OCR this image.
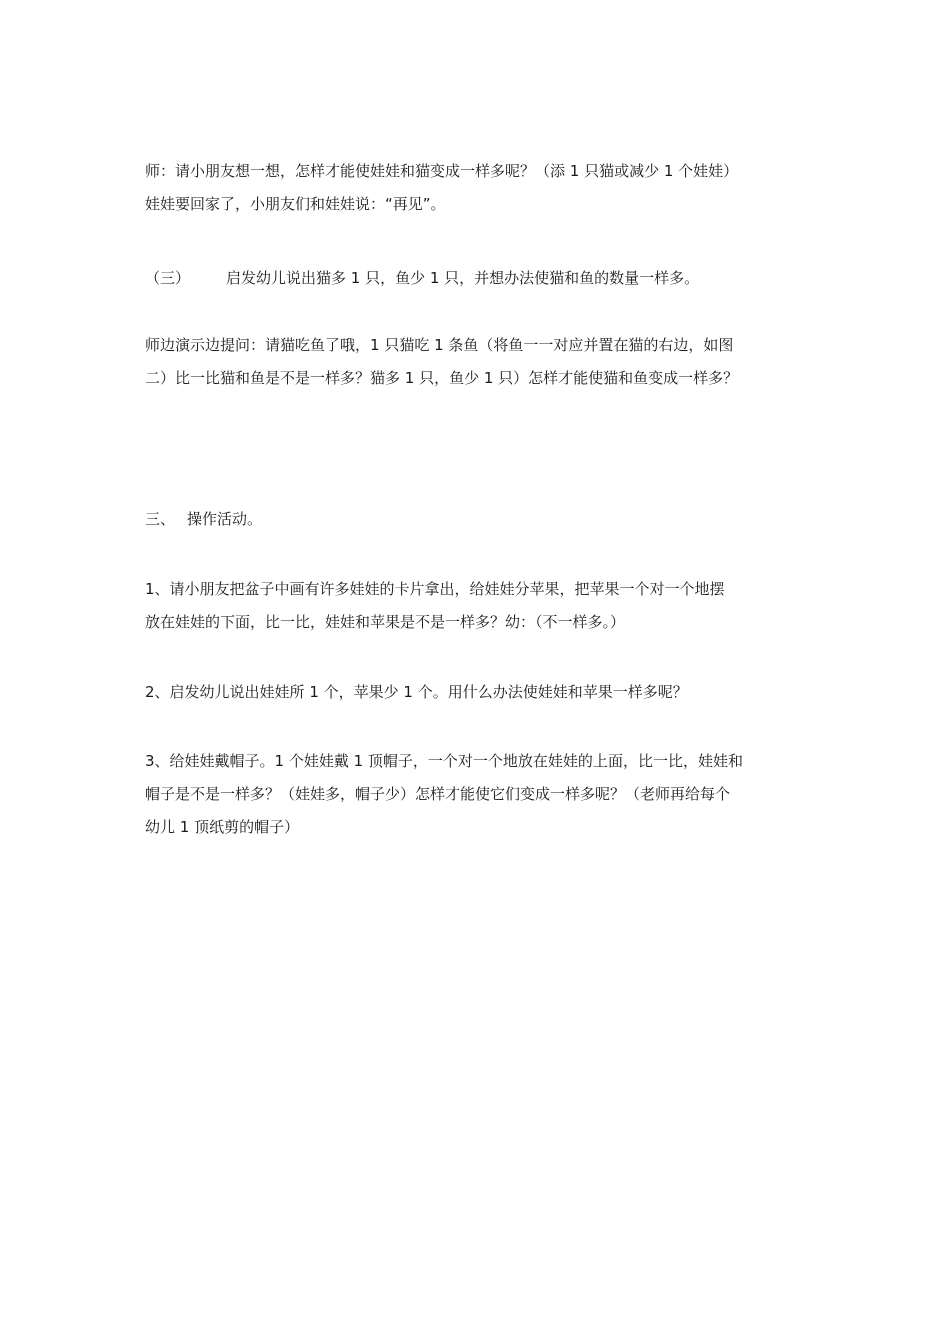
师：请小朋友想一想，怎样才能使娃娃和猫变成一样多呢？（添 1 只猫或减少 1 个娃娃）
娃娃要回家了，小朋友们和娃娃说：“再见”。

（三） 启发幼儿说出猫多 1 只，鱼少 1 只，并想办法使猫和鱼的数量一样多。

师边演示边提问：请猫吃鱼了哦，1 只猫吃 1 条鱼（将鱼一一对应并置在猫的右边，如图
二）比一比猫和鱼是不是一样多？猫多 1 只，鱼少 1 只）怎样才能使猫和鱼变成一样多？

三、 操作活动。

1、请小朋友把盆子中画有许多娃娃的卡片拿出，给娃娃分苹果，把苹果一个对一个地摆
放在娃娃的下面，比一比，娃娃和苹果是不是一样多？幼：（不一样多。）

2、启发幼儿说出娃娃所 1 个，苹果少 1 个。用什么办法使娃娃和苹果一样多呢？

3、给娃娃戴帽子。1 个娃娃戴 1 顶帽子，一个对一个地放在娃娃的上面，比一比，娃娃和
帽子是不是一样多？（娃娃多，帽子少）怎样才能使它们变成一样多呢？（老师再给每个
幼儿 1 顶纸剪的帽子）
